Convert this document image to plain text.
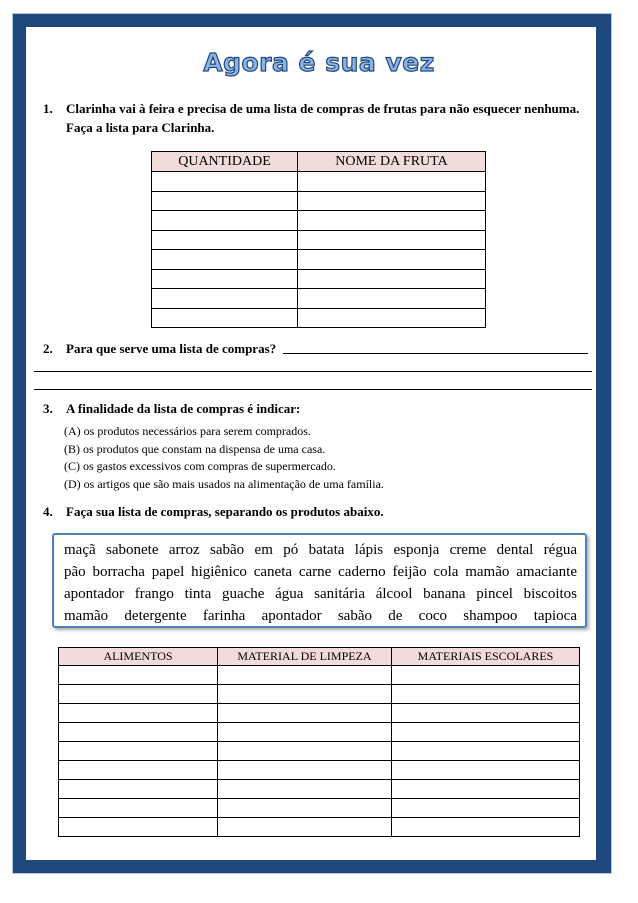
Agora é sua vez
1. Clarinha vai à feira e precisa de uma lista de compras de frutas para não esquecer nenhuma.
Faça a lista para Clarinha.
QUANTIDADE	NOME DA FRUTA

2. Para que serve uma lista de compras?
3. A finalidade da lista de compras é indicar:
(A) os produtos necessários para serem comprados.
(B) os produtos que constam na dispensa de uma casa.
(C) os gastos excessivos com compras de supermercado.
(D) os artigos que são mais usados na alimentação de uma família.
4. Faça sua lista de compras, separando os produtos abaixo.
maçã sabonete arroz sabão em pó batata lápis esponja creme dental régua
pão borracha papel higiênico caneta carne caderno feijão cola mamão amaciante
apontador frango tinta guache água sanitária álcool banana pincel biscoitos
mamão detergente farinha apontador sabão de coco shampoo tapioca
ALIMENTOS	MATERIAL DE LIMPEZA	MATERIAIS ESCOLARES
